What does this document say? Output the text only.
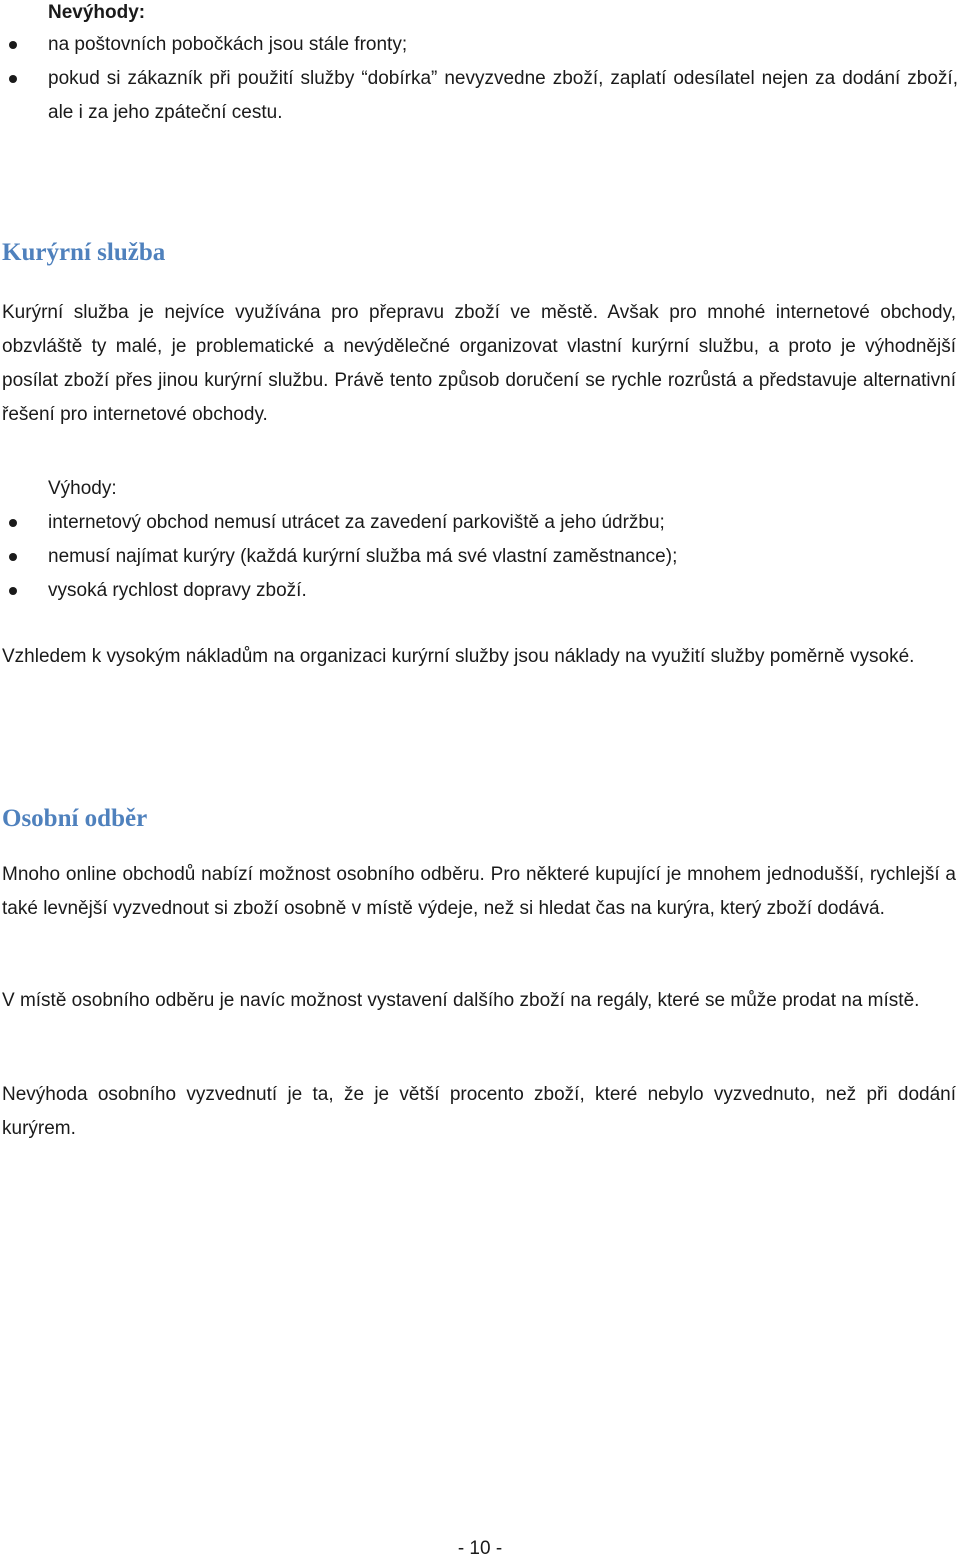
Nevýhody:
na poštovních pobočkách jsou stále fronty;
pokud si zákazník při použití služby “dobírka” nevyzvedne zboží, zaplatí odesílatel nejen za dodání zboží, ale i za jeho zpáteční cestu.
Kurýrní služba

Kurýrní služba je nejvíce využívána pro přepravu zboží ve městě. Avšak pro mnohé internetové obchody, obzvláště ty malé, je problematické a nevýdělečné organizovat vlastní kurýrní službu, a proto je výhodnější posílat zboží přes jinou kurýrní službu. Právě tento způsob doručení se rychle rozrůstá a představuje alternativní řešení pro internetové obchody.

Výhody:
internetový obchod nemusí utrácet za zavedení parkoviště a jeho údržbu;
nemusí najímat kurýry (každá kurýrní služba má své vlastní zaměstnance);
vysoká rychlost dopravy zboží.

Vzhledem k vysokým nákladům na organizaci kurýrní služby jsou náklady na využití služby poměrně vysoké.

Osobní odběr

Mnoho online obchodů nabízí možnost osobního odběru. Pro některé kupující je mnohem jednodušší, rychlejší a také levnější vyzvednout si zboží osobně v místě výdeje, než si hledat čas na kurýra, který zboží dodává.

V místě osobního odběru je navíc možnost vystavení dalšího zboží na regály, které se může prodat na místě.

Nevýhoda osobního vyzvednutí je ta, že je větší procento zboží, které nebylo vyzvednuto, než při dodání kurýrem.

- 10 -
